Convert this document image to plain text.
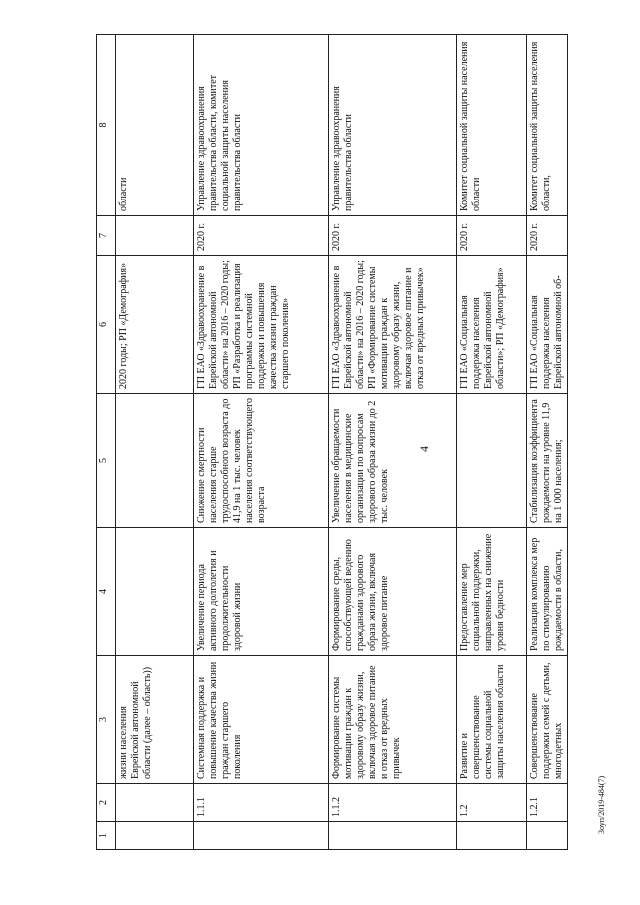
4
1	2	3	4	5	6	7	8
		жизни населения Еврейской автономной области (далее – область))			2020 годы; РП «Демография»		области
	1.1.1	Системная поддержка и повышение качества жизни граждан старшего поколения	Увеличение периода активного долголетия и продолжительности здоровой жизни	Снижение смертности населения старше трудоспособного возраста до 41,9 на 1 тыс. человек населения соответствующего возраста	ГП ЕАО «Здравоохранение в Еврейской автономной области» на 2016 – 2020 годы; РП «Разработка и реализация программы системной поддержки и повышения качества жизни граждан старшего поколения»	2020 г.	Управление здравоохранения правительства области, комитет социальной защиты населения правительства области
	1.1.2	Формирование системы мотивации граждан к здоровому образу жизни, включая здоровое питание и отказ от вредных привычек	Формирование среды, способствующей ведению гражданами здорового образа жизни, включая здоровое питание	Увеличение обращаемости населения в медицинские организации по вопросам здорового образа жизни до 2 тыс. человек	ГП ЕАО «Здравоохранение в Еврейской автономной области» на 2016 – 2020 годы; РП «Формирование системы мотивации граждан к здоровому образу жизни, включая здоровое питание и отказ от вредных привычек»	2020 г.	Управление здравоохранения правительства области
	1.2	Развитие и совершенствование системы социальной защиты населения области	Предоставление мер социальной поддержки, направленных на снижение уровня бедности		ГП ЕАО «Социальная поддержка населения Еврейской автономной области»; РП «Демография»	2020 г.	Комитет социальной защиты населения области
	1.2.1	Совершенствование поддержки семей с детьми, многодетных	Реализация комплекса мер по стимулированию рождаемости в области,	Стабилизация коэффициента рождаемости на уровне 11,9 на 1 000 населения;	ГП ЕАО «Социальная поддержка населения Еврейской автономной об-	2020 г.	Комитет социальной защиты населения области,
Зоуп/2019-484(7)
